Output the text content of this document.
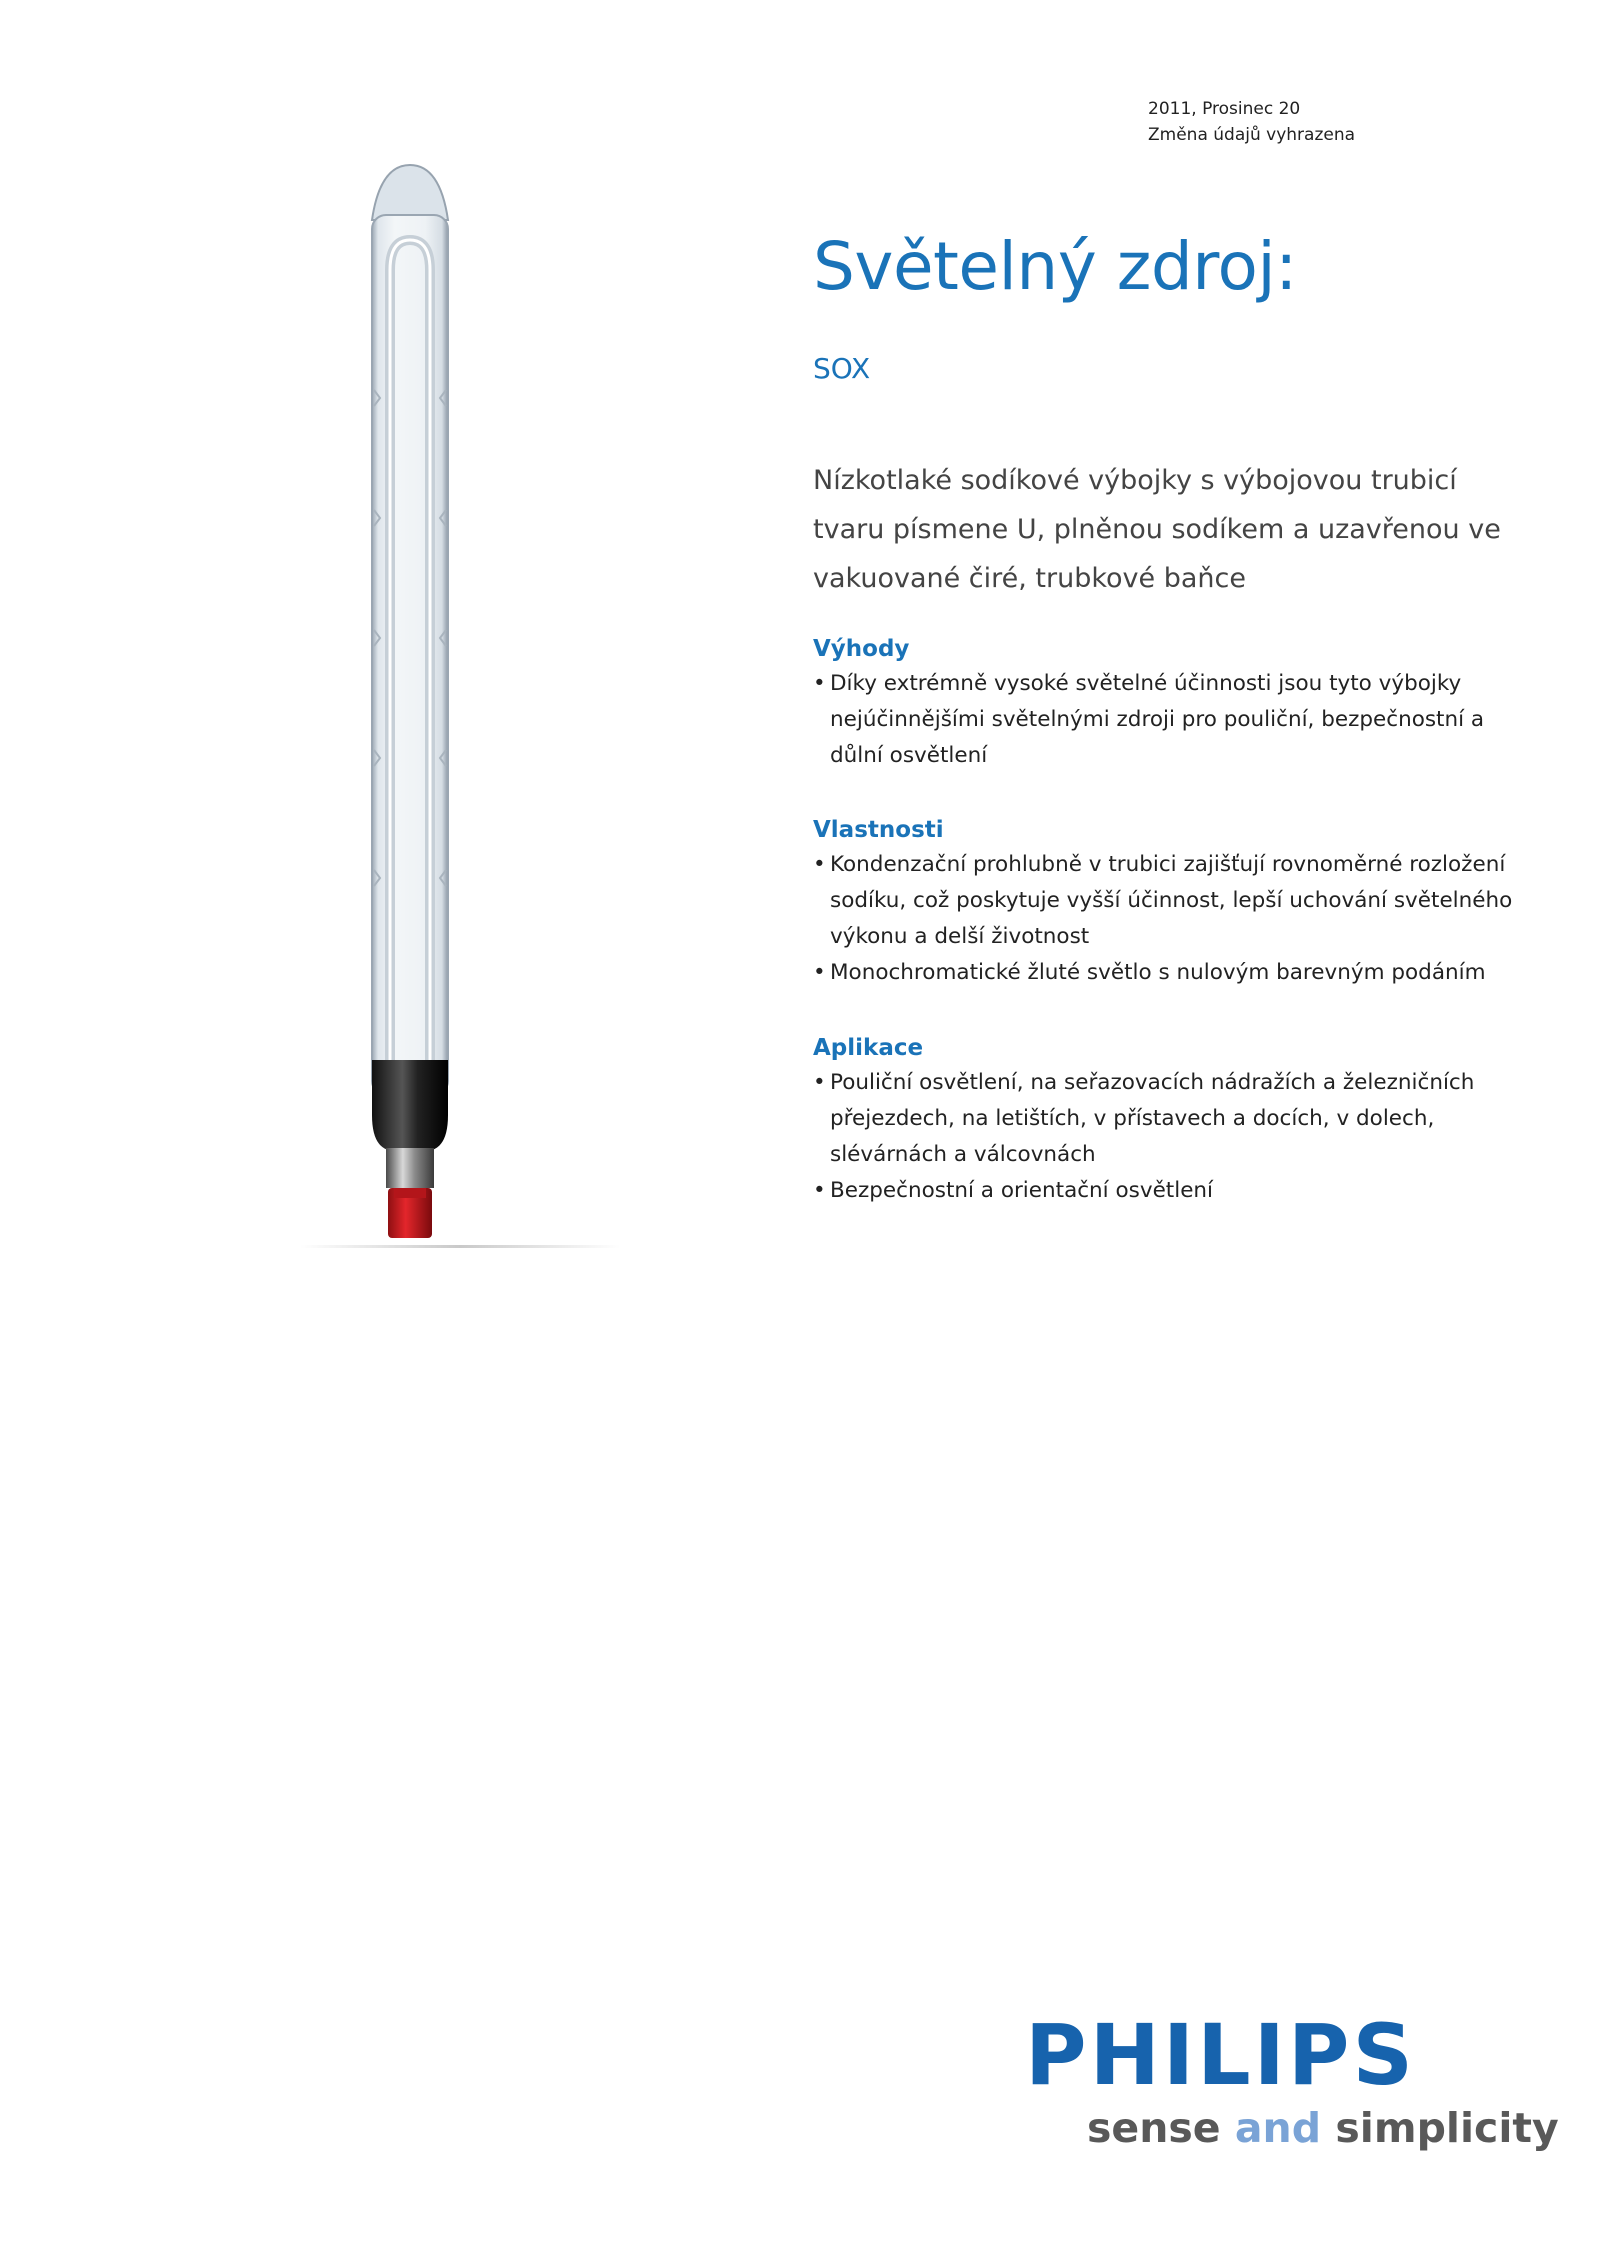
2011, Prosinec 20
Změna údajů vyhrazena
Světelný zdroj:
SOX

Nízkotlaké sodíkové výbojky s výbojovou trubicí tvaru písmene U, plněnou sodíkem a uzavřenou ve vakuované čiré, trubkové baňce

Výhody
• Díky extrémně vysoké světelné účinnosti jsou tyto výbojky nejúčinnějšími světelnými zdroji pro pouliční, bezpečnostní a důlní osvětlení
Vlastnosti
• Kondenzační prohlubně v trubici zajišťují rovnoměrné rozložení sodíku, což poskytuje vyšší účinnost, lepší uchování světelného výkonu a delší životnost
• Monochromatické žluté světlo s nulovým barevným podáním
Aplikace
• Pouliční osvětlení, na seřazovacích nádražích a železničních přejezdech, na letištích, v přístavech a docích, v dolech, slévárnách a válcovnách
• Bezpečnostní a orientační osvětlení
PHILIPS
sense and simplicity
